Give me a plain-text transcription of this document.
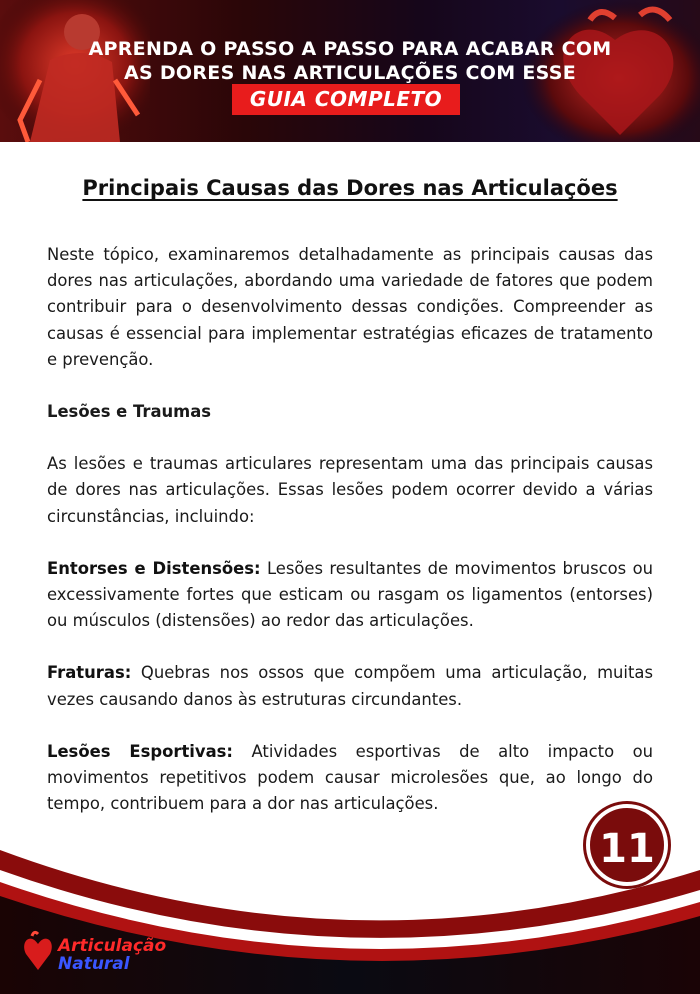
APRENDA O PASSO A PASSO PARA ACABAR COM
AS DORES NAS ARTICULAÇÕES COM ESSE
GUIA COMPLETO
Principais Causas das Dores nas Articulações

Neste tópico, examinaremos detalhadamente as principais causas das dores nas articulações, abordando uma variedade de fatores que podem contribuir para o desenvolvimento dessas condições. Compreender as causas é essencial para implementar estratégias eficazes de tratamento e prevenção.

Lesões e Traumas

As lesões e traumas articulares representam uma das principais causas de dores nas articulações. Essas lesões podem ocorrer devido a várias circunstâncias, incluindo:

Entorses e Distensões: Lesões resultantes de movimentos bruscos ou excessivamente fortes que esticam ou rasgam os ligamentos (entorses) ou músculos (distensões) ao redor das articulações.

Fraturas: Quebras nos ossos que compõem uma articulação, muitas vezes causando danos às estruturas circundantes.

Lesões Esportivas: Atividades esportivas de alto impacto ou movimentos repetitivos podem causar microlesões que, ao longo do tempo, contribuem para a dor nas articulações.

11
Articulação
Natural
